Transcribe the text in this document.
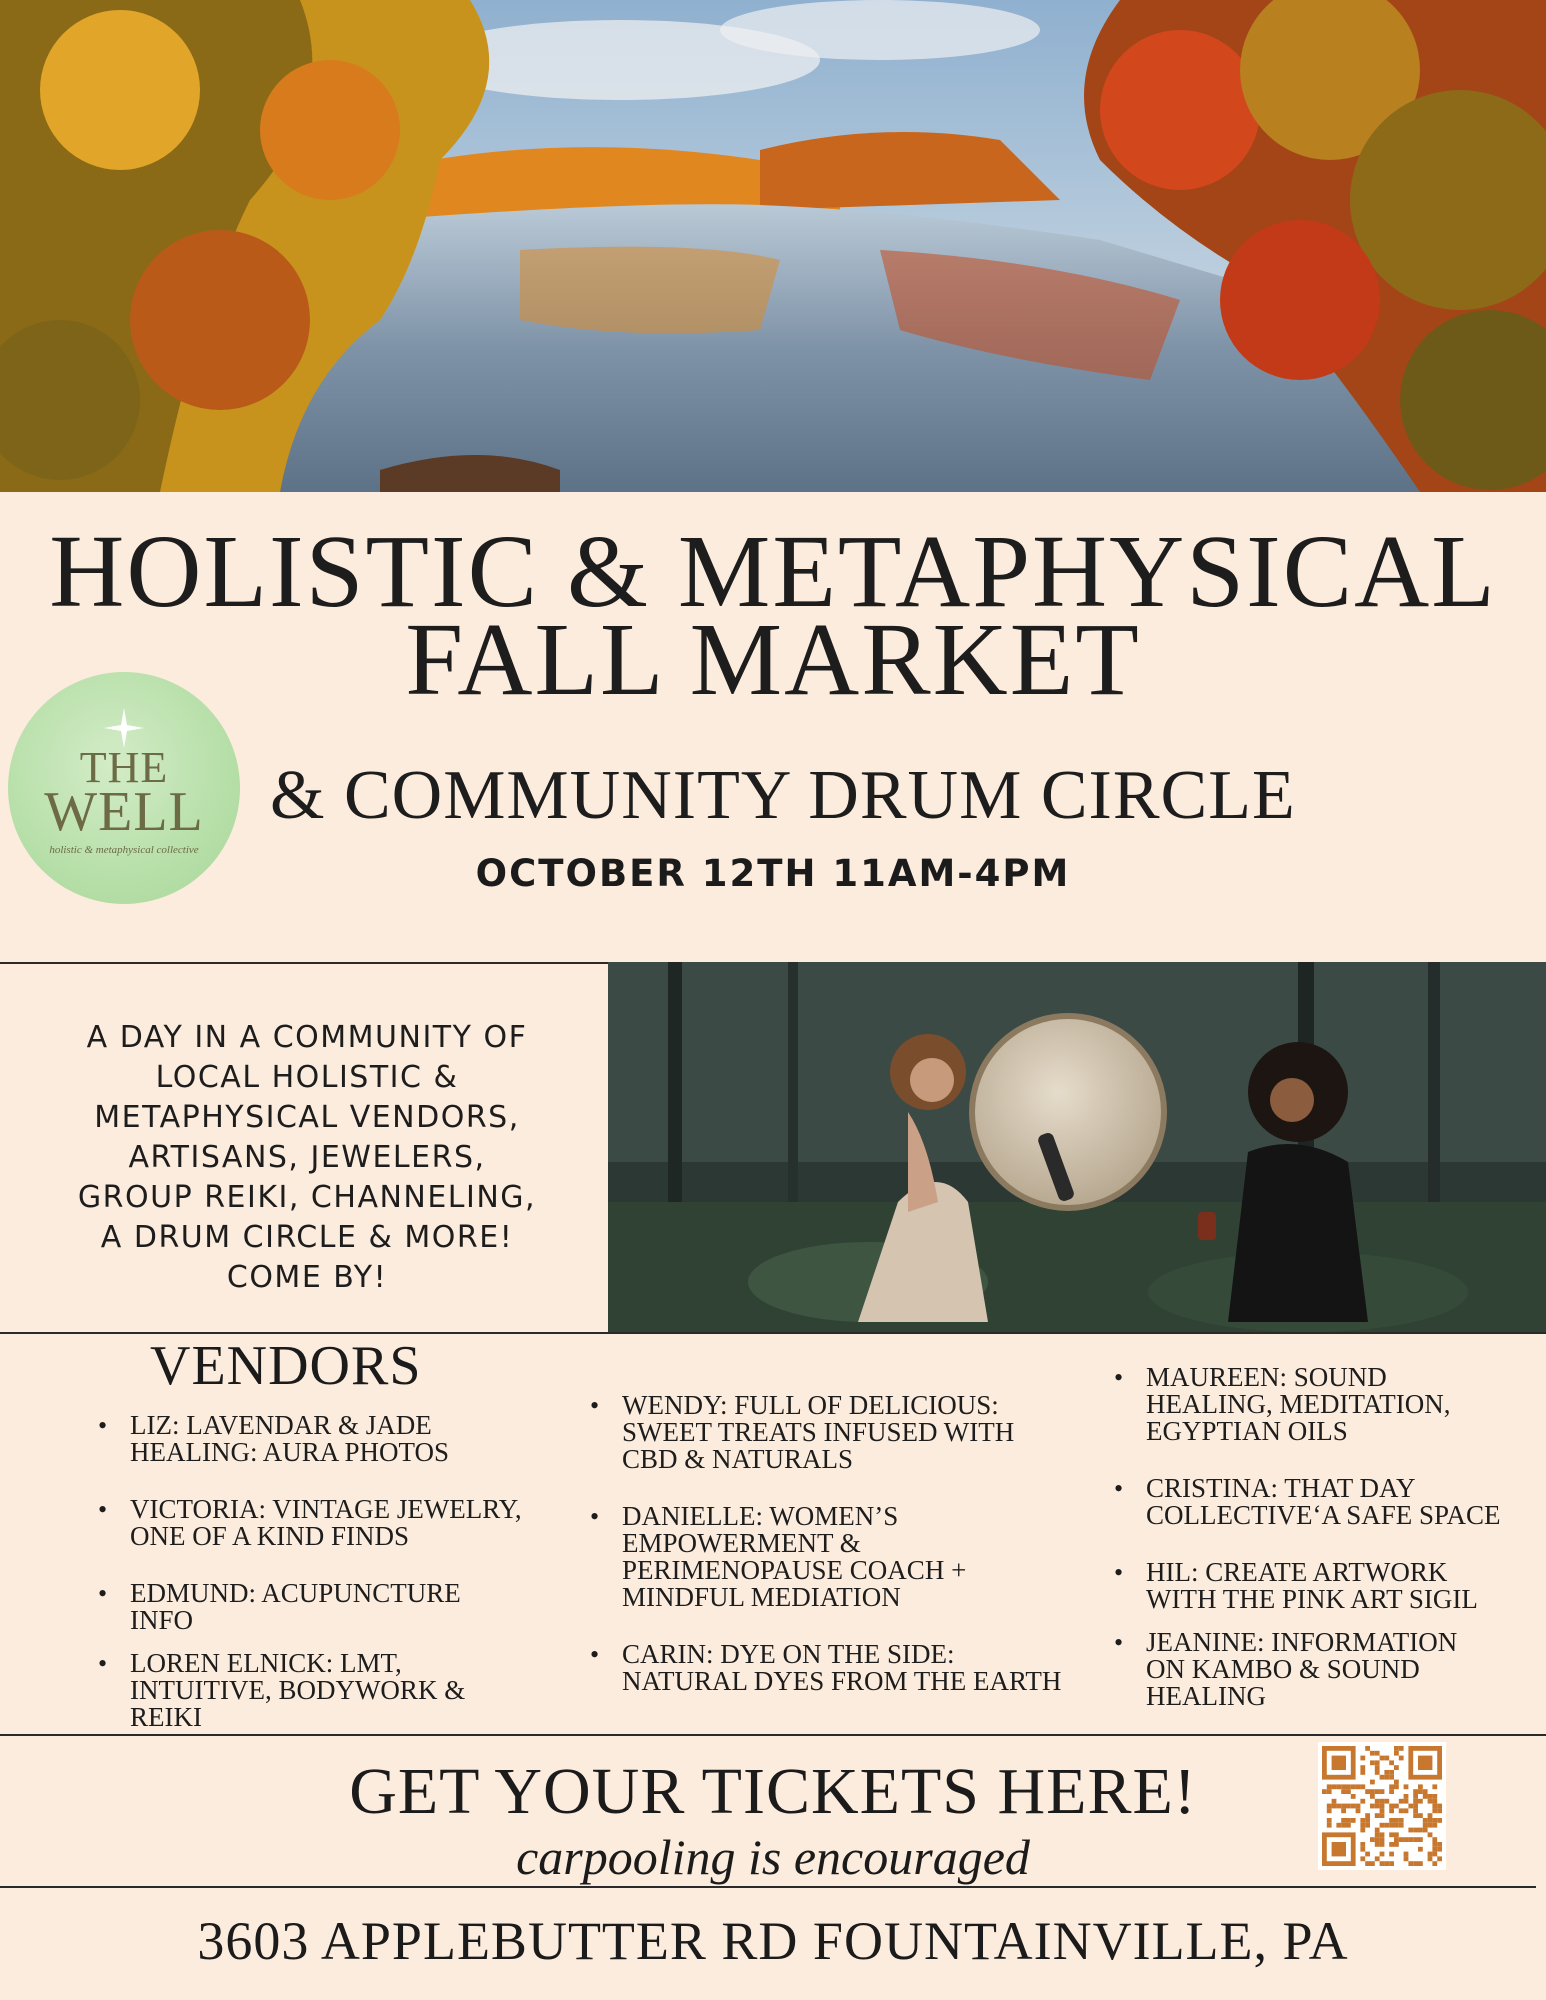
HOLISTIC & METAPHYSICAL
FALL MARKET
THE
WELL
holistic & metaphysical collective
& COMMUNITY DRUM CIRCLE
OCTOBER 12TH 11AM-4PM
A DAY IN A COMMUNITY OF
LOCAL HOLISTIC &
METAPHYSICAL VENDORS,
ARTISANS, JEWELERS,
GROUP REIKI, CHANNELING,
A DRUM CIRCLE & MORE!
COME BY!
VENDORS
• LIZ: LAVENDAR & JADE
HEALING: AURA PHOTOS
• VICTORIA: VINTAGE JEWELRY,
ONE OF A KIND FINDS
• EDMUND: ACUPUNCTURE
INFO
• LOREN ELNICK: LMT,
INTUITIVE, BODYWORK &
REIKI
• WENDY: FULL OF DELICIOUS:
SWEET TREATS INFUSED WITH
CBD & NATURALS
• DANIELLE: WOMEN’S
EMPOWERMENT &
PERIMENOPAUSE COACH +
MINDFUL MEDIATION
• CARIN: DYE ON THE SIDE:
NATURAL DYES FROM THE EARTH
• MAUREEN: SOUND
HEALING, MEDITATION,
EGYPTIAN OILS
• CRISTINA: THAT DAY
COLLECTIVE‘A SAFE SPACE
• HIL: CREATE ARTWORK
WITH THE PINK ART SIGIL
• JEANINE: INFORMATION
ON KAMBO & SOUND
HEALING
GET YOUR TICKETS HERE!
carpooling is encouraged
3603 APPLEBUTTER RD FOUNTAINVILLE, PA
